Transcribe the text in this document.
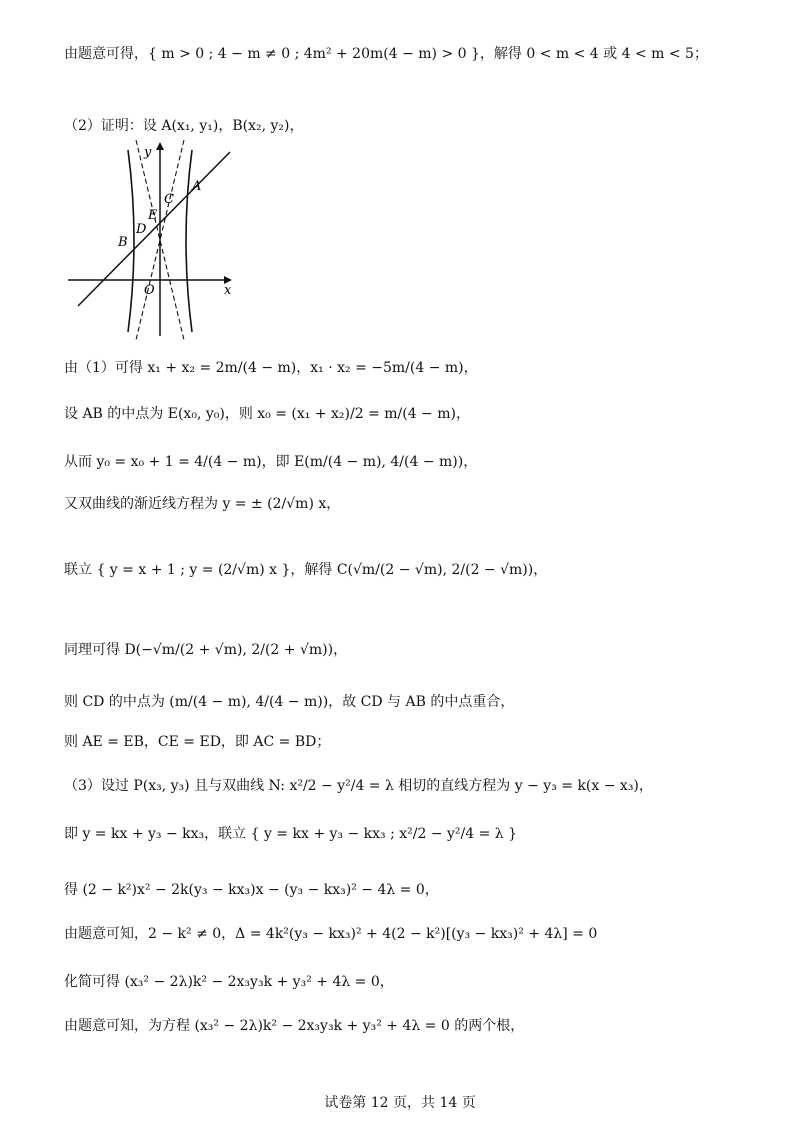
由题意可得，{ m > 0 ; 4 − m ≠ 0 ; 4m² + 20m(4 − m) > 0 }，解得 0 < m < 4 或 4 < m < 5；
（2）证明：设 A(x₁, y₁)，B(x₂, y₂)，
y
x
O
A
B
C
D
E
由（1）可得 x₁ + x₂ = 2m/(4 − m)，x₁ · x₂ = −5m/(4 − m)，
设 AB 的中点为 E(x₀, y₀)，则 x₀ = (x₁ + x₂)/2 = m/(4 − m)，
从而 y₀ = x₀ + 1 = 4/(4 − m)，即 E(m/(4 − m), 4/(4 − m))，
又双曲线的渐近线方程为 y = ± (2/√m) x，
联立 { y = x + 1 ; y = (2/√m) x }，解得 C(√m/(2 − √m), 2/(2 − √m))，
同理可得 D(−√m/(2 + √m), 2/(2 + √m))，
则 CD 的中点为 (m/(4 − m), 4/(4 − m))，故 CD 与 AB 的中点重合，
则 AE = EB，CE = ED，即 AC = BD；
（3）设过 P(x₃, y₃) 且与双曲线 N: x²/2 − y²/4 = λ 相切的直线方程为 y − y₃ = k(x − x₃)，
即 y = kx + y₃ − kx₃，联立 { y = kx + y₃ − kx₃ ; x²/2 − y²/4 = λ }
得 (2 − k²)x² − 2k(y₃ − kx₃)x − (y₃ − kx₃)² − 4λ = 0，
由题意可知，2 − k² ≠ 0，Δ = 4k²(y₃ − kx₃)² + 4(2 − k²)[(y₃ − kx₃)² + 4λ] = 0
化简可得 (x₃² − 2λ)k² − 2x₃y₃k + y₃² + 4λ = 0，
由题意可知，为方程 (x₃² − 2λ)k² − 2x₃y₃k + y₃² + 4λ = 0 的两个根，
试卷第 12 页，共 14 页
